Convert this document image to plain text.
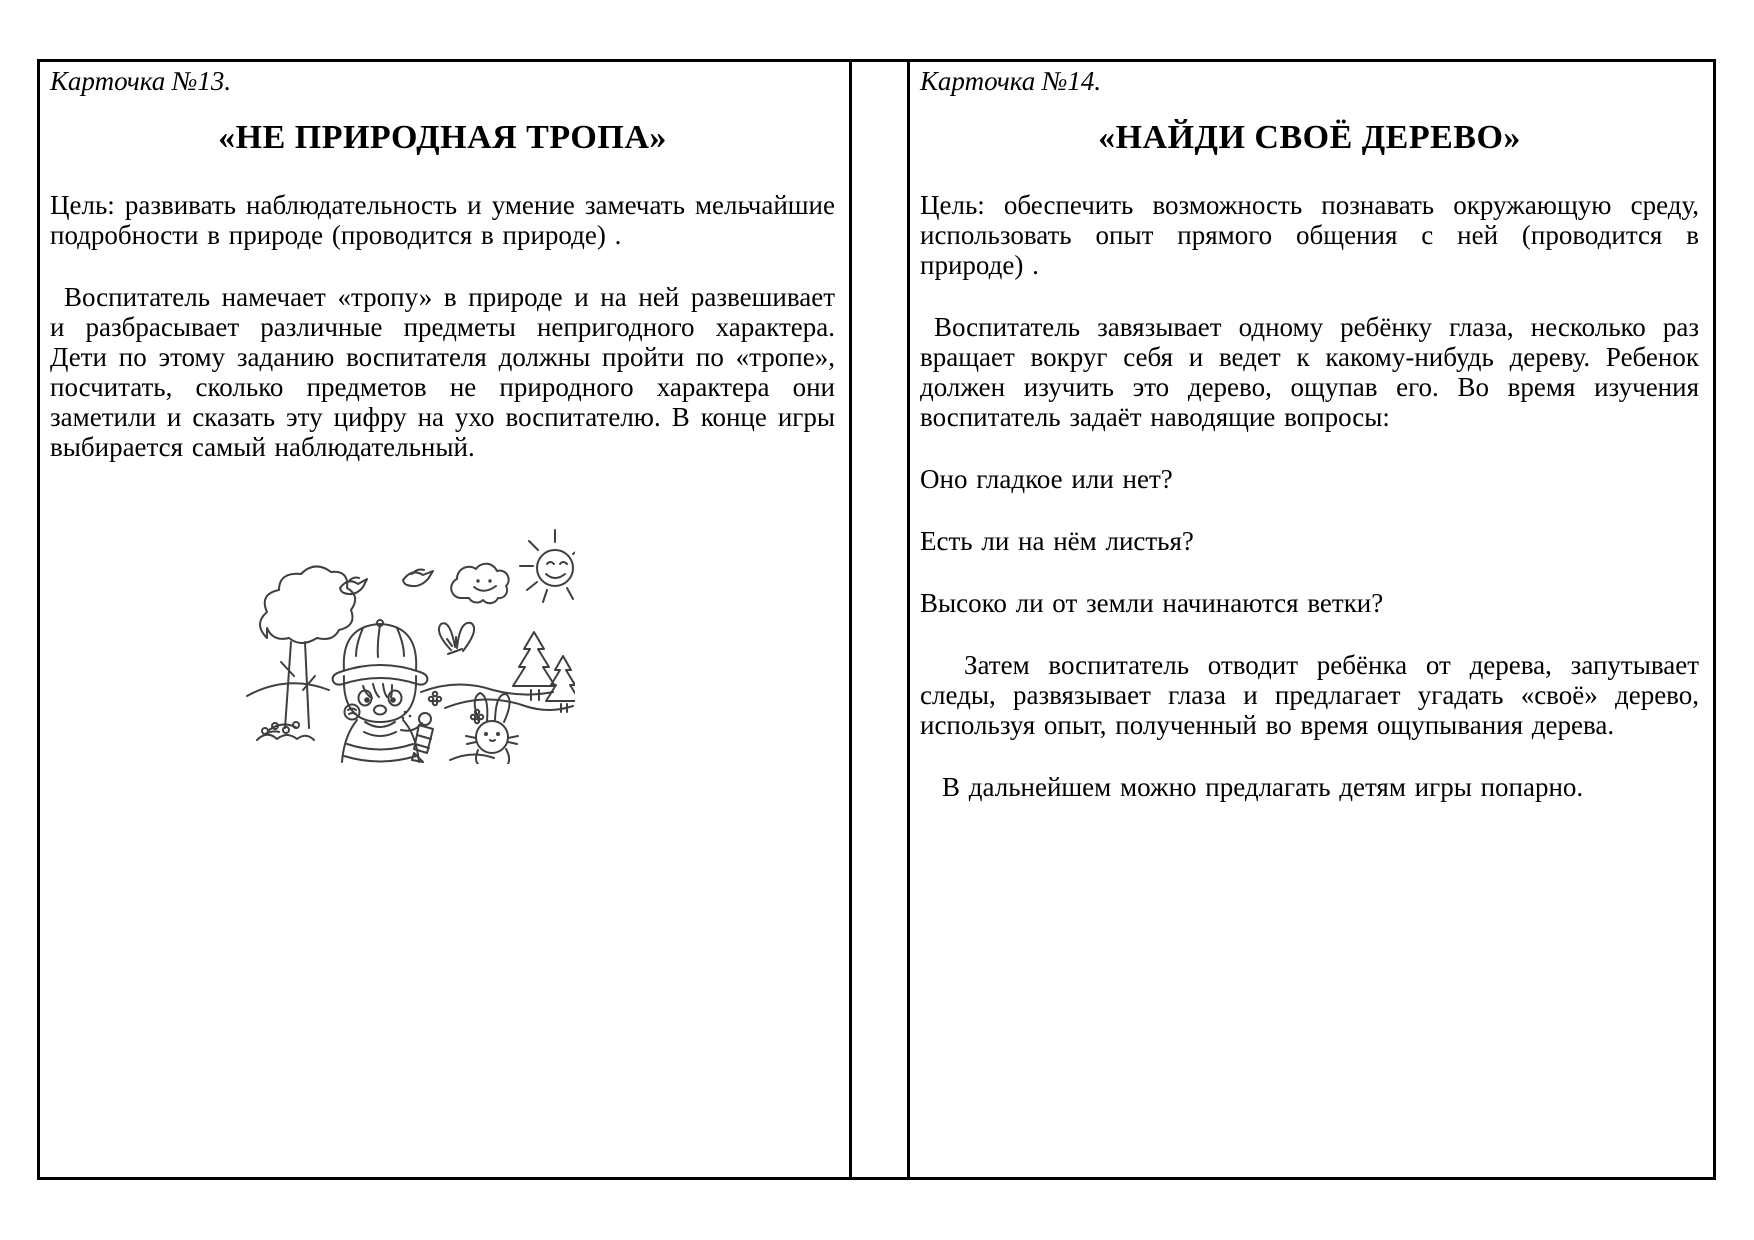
Карточка №13.
«НЕ ПРИРОДНАЯ ТРОПА»

Цель: развивать наблюдательность и умение замечать мельчайшие подробности в природе (проводится в природе) .

Воспитатель намечает «тропу» в природе и на ней развешивает и разбрасывает различные предметы непригодного характера. Дети по этому заданию воспитателя должны пройти по «тропе», посчитать, сколько предметов не природного характера они заметили и сказать эту цифру на ухо воспитателю. В конце игры выбирается самый наблюдательный.

Карточка №14.
«НАЙДИ СВОЁ ДЕРЕВО»

Цель: обеспечить возможность познавать окружающую среду, использовать опыт прямого общения с ней (проводится в природе) .

Воспитатель завязывает одному ребёнку глаза, несколько раз вращает вокруг себя и ведет к какому-нибудь дереву. Ребенок должен изучить это дерево, ощупав его. Во время изучения воспитатель задаёт наводящие вопросы:

Оно гладкое или нет?

Есть ли на нём листья?

Высоко ли от земли начинаются ветки?

Затем воспитатель отводит ребёнка от дерева, запутывает следы, развязывает глаза и предлагает угадать «своё» дерево, используя опыт, полученный во время ощупывания дерева.

В дальнейшем можно предлагать детям игры попарно.
